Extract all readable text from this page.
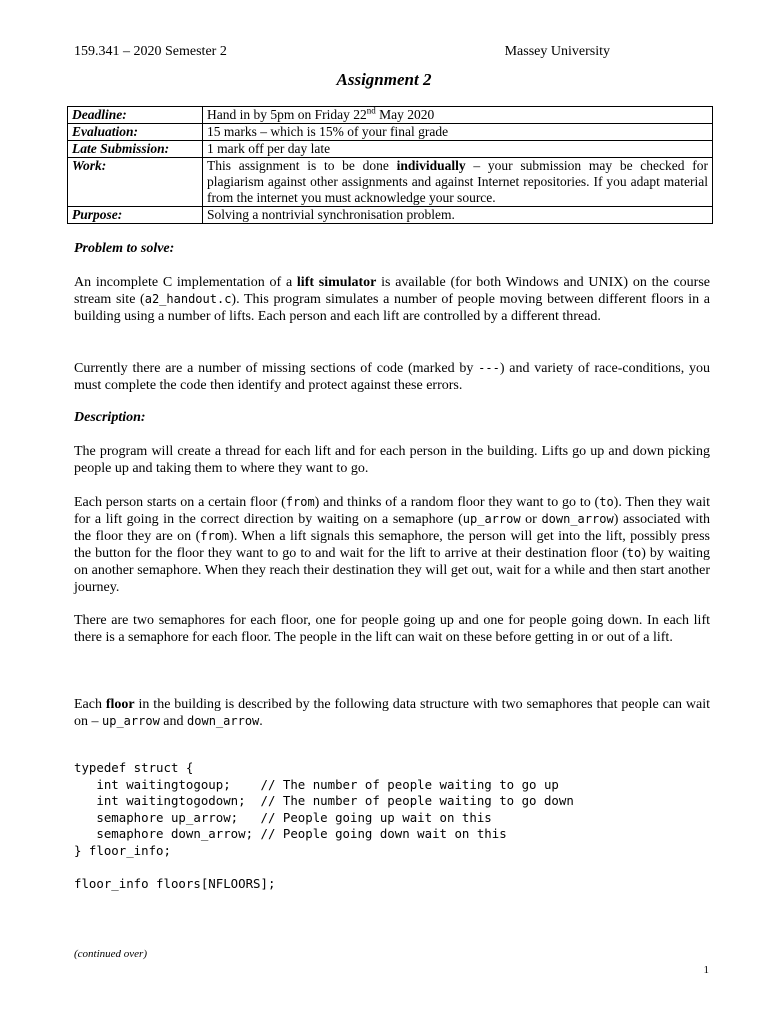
159.341 – 2020 Semester 2	Massey University
Assignment 2
Deadline:	Hand in by 5pm on Friday 22nd May 2020
Evaluation:	15 marks – which is 15% of your final grade
Late Submission:	1 mark off per day late
Work:	This assignment is to be done individually – your submission may be checked for plagiarism against other assignments and against Internet repositories. If you adapt material from the internet you must acknowledge your source.
Purpose:	Solving a nontrivial synchronisation problem.
Problem to solve:
An incomplete C implementation of a lift simulator is available (for both Windows and UNIX) on the course stream site (a2_handout.c). This program simulates a number of people moving between different floors in a building using a number of lifts. Each person and each lift are controlled by a different thread.
Currently there are a number of missing sections of code (marked by ---) and variety of race-conditions, you must complete the code then identify and protect against these errors.
Description:
The program will create a thread for each lift and for each person in the building. Lifts go up and down picking people up and taking them to where they want to go.
Each person starts on a certain floor (from) and thinks of a random floor they want to go to (to). Then they wait for a lift going in the correct direction by waiting on a semaphore (up_arrow or down_arrow) associated with the floor they are on (from). When a lift signals this semaphore, the person will get into the lift, possibly press the button for the floor they want to go to and wait for the lift to arrive at their destination floor (to) by waiting on another semaphore. When they reach their destination they will get out, wait for a while and then start another journey.
There are two semaphores for each floor, one for people going up and one for people going down. In each lift there is a semaphore for each floor. The people in the lift can wait on these before getting in or out of a lift.
Each floor in the building is described by the following data structure with two semaphores that people can wait on – up_arrow and down_arrow.
typedef struct {
int waitingtogoup;    // The number of people waiting to go up
int waitingtogodown;  // The number of people waiting to go down
semaphore up_arrow;   // People going up wait on this
semaphore down_arrow; // People going down wait on this
} floor_info;
floor_info floors[NFLOORS];
(continued over)
1
